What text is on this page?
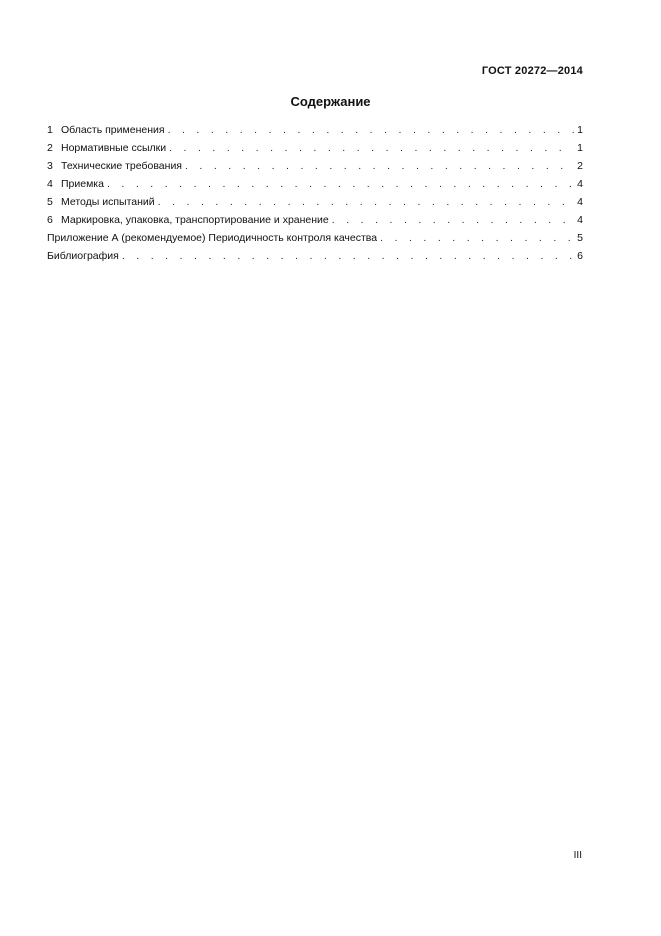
ГОСТ 20272—2014
Содержание
1 Область применения . . .	1
2 Нормативные ссылки . . .	1
3 Технические требования . . .	2
4 Приемка . . .	4
5 Методы испытаний . . .	4
6 Маркировка, упаковка, транспортирование и хранение . . .	4
Приложение А (рекомендуемое) Периодичность контроля качества . . .	5
Библиография . . .	6
III
